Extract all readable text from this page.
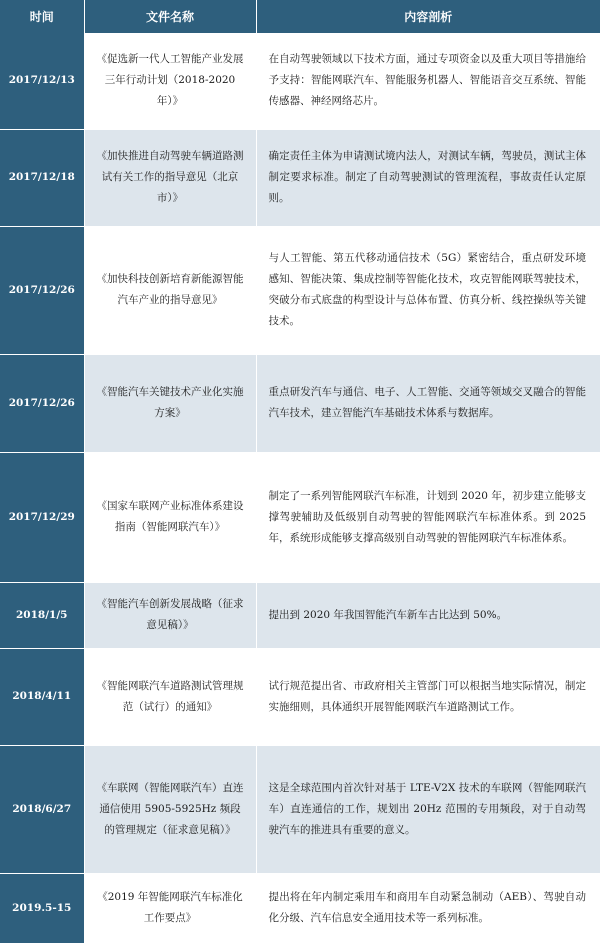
时间	文件名称	内容剖析
2017/12/13	《促选新一代人工智能产业发展三年行动计划（2018-2020 年）》	在自动驾驶领域以下技术方面，通过专项资金以及重大项目等措施给予支持：智能网联汽车、智能服务机器人、智能语音交互系统、智能传感器、神经网络芯片。
2017/12/18	《加快推进自动驾驶车辆道路测试有关工作的指导意见（北京市）》	确定责任主体为申请测试境内法人，对测试车辆，驾驶员，测试主体制定要求标准。制定了自动驾驶测试的管理流程，事故责任认定原则。
2017/12/26	《加快科技创新培育新能源智能汽车产业的指导意见》	与人工智能、第五代移动通信技术（5G）紧密结合，重点研发环境感知、智能决策、集成控制等智能化技术，攻克智能网联驾驶技术，突破分布式底盘的构型设计与总体布置、仿真分析、线控操纵等关键技术。
2017/12/26	《智能汽车关键技术产业化实施方案》	重点研发汽车与通信、电子、人工智能、交通等领域交叉融合的智能汽车技术，建立智能汽车基础技术体系与数据库。
2017/12/29	《国家车联网产业标准体系建设指南（智能网联汽车）》	制定了一系列智能网联汽车标准，计划到 2020 年，初步建立能够支撑驾驶辅助及低级别自动驾驶的智能网联汽车标准体系。到 2025 年，系统形成能够支撑高级别自动驾驶的智能网联汽车标准体系。
2018/1/5	《智能汽车创新发展战略（征求意见稿）》	提出到 2020 年我国智能汽车新车古比达到 50%。
2018/4/11	《智能网联汽车道路测试管理规范（试行）的通知》	试行规范提出省、市政府相关主管部门可以根据当地实际情况，制定实施细则，具体通织开展智能网联汽车道路测试工作。
2018/6/27	《车联网（智能网联汽车）直连通信使用 5905-5925Hz 频段的管理规定（征求意见稿）》	这是全球范围内首次针对基于 LTE-V2X 技术的车联网（智能网联汽车）直连通信的工作，规划出 20Hz 范围的专用频段，对于自动驾驶汽车的推进具有重要的意义。
2019.5-15	《2019 年智能网联汽车标准化工作要点》	提出将在年内制定乘用车和商用车自动紧急制动（AEB）、驾驶自动化分级、汽车信息安全通用技术等一系列标准。
